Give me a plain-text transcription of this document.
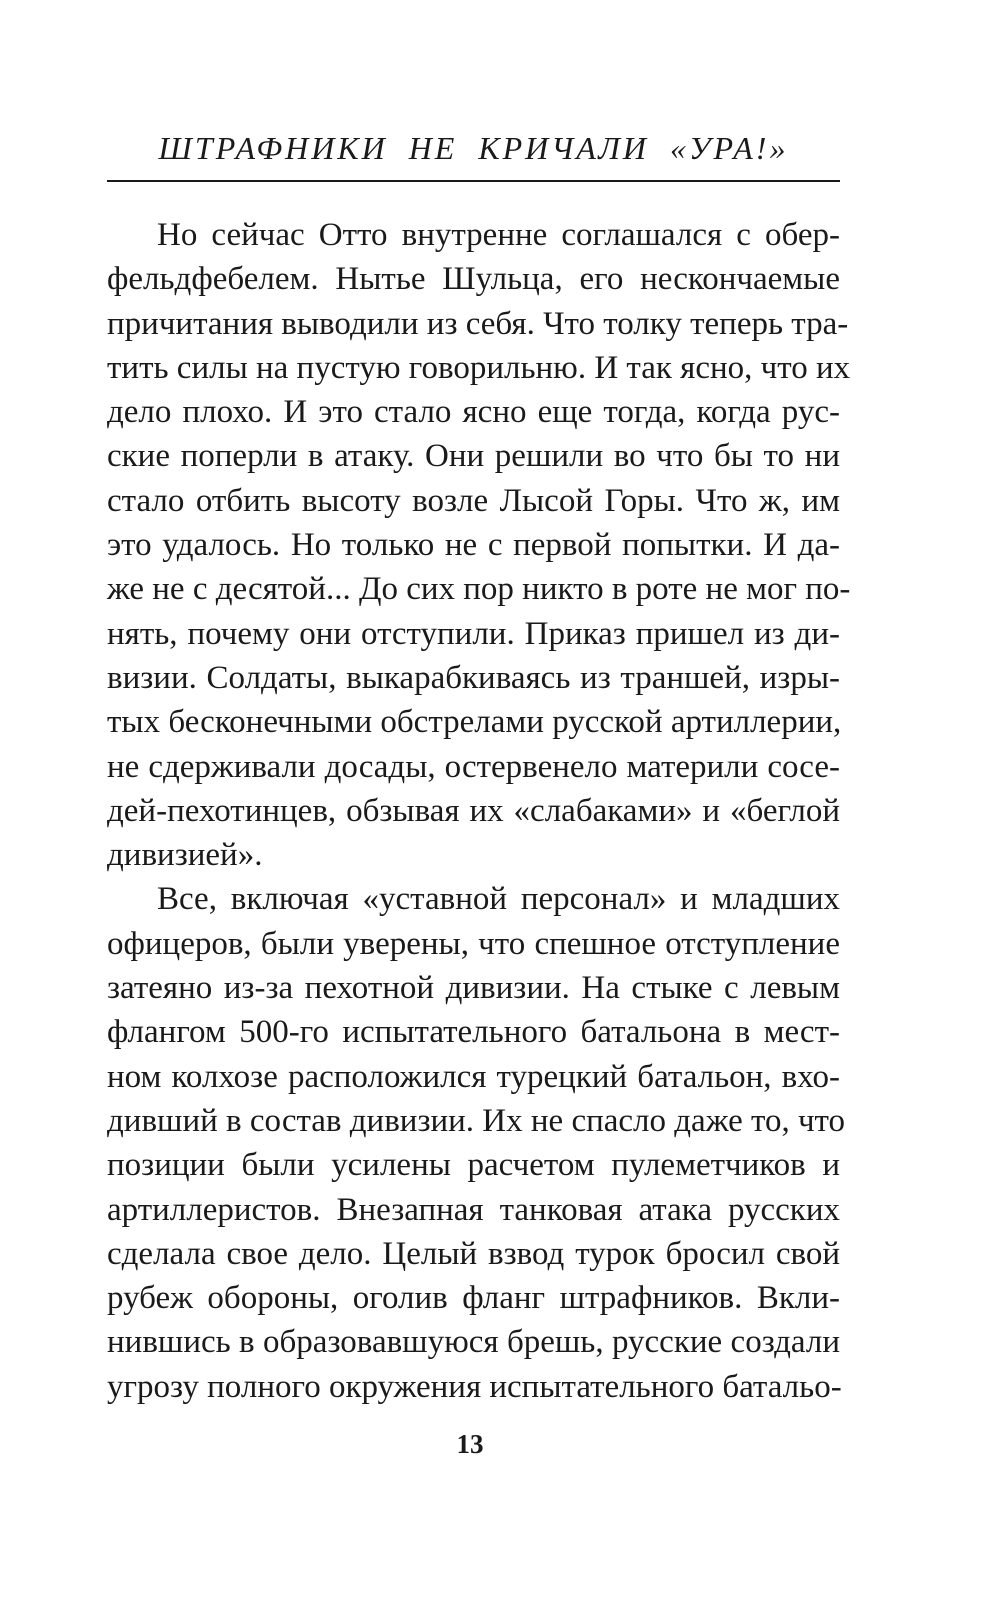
ШТРАФНИКИ НЕ КРИЧАЛИ «УРА!»
Но сейчас Отто внутренне соглашался с обер-
фельдфебелем. Нытье Шульца, его нескончаемые
причитания выводили из себя. Что толку теперь тра-
тить силы на пустую говорильню. И так ясно, что их
дело плохо. И это стало ясно еще тогда, когда рус-
ские поперли в атаку. Они решили во что бы то ни
стало отбить высоту возле Лысой Горы. Что ж, им
это удалось. Но только не с первой попытки. И да-
же не с десятой... До сих пор никто в роте не мог по-
нять, почему они отступили. Приказ пришел из ди-
визии. Солдаты, выкарабкиваясь из траншей, изры-
тых бесконечными обстрелами русской артиллерии,
не сдерживали досады, остервенело материли сосе-
дей-пехотинцев, обзывая их «слабаками» и «беглой
дивизией».
Все, включая «уставной персонал» и младших
офицеров, были уверены, что спешное отступление
затеяно из-за пехотной дивизии. На стыке с левым
флангом 500-го испытательного батальона в мест-
ном колхозе расположился турецкий батальон, вхо-
дивший в состав дивизии. Их не спасло даже то, что
позиции были усилены расчетом пулеметчиков и
артиллеристов. Внезапная танковая атака русских
сделала свое дело. Целый взвод турок бросил свой
рубеж обороны, оголив фланг штрафников. Вкли-
нившись в образовавшуюся брешь, русские создали
угрозу полного окружения испытательного батальо-
13
